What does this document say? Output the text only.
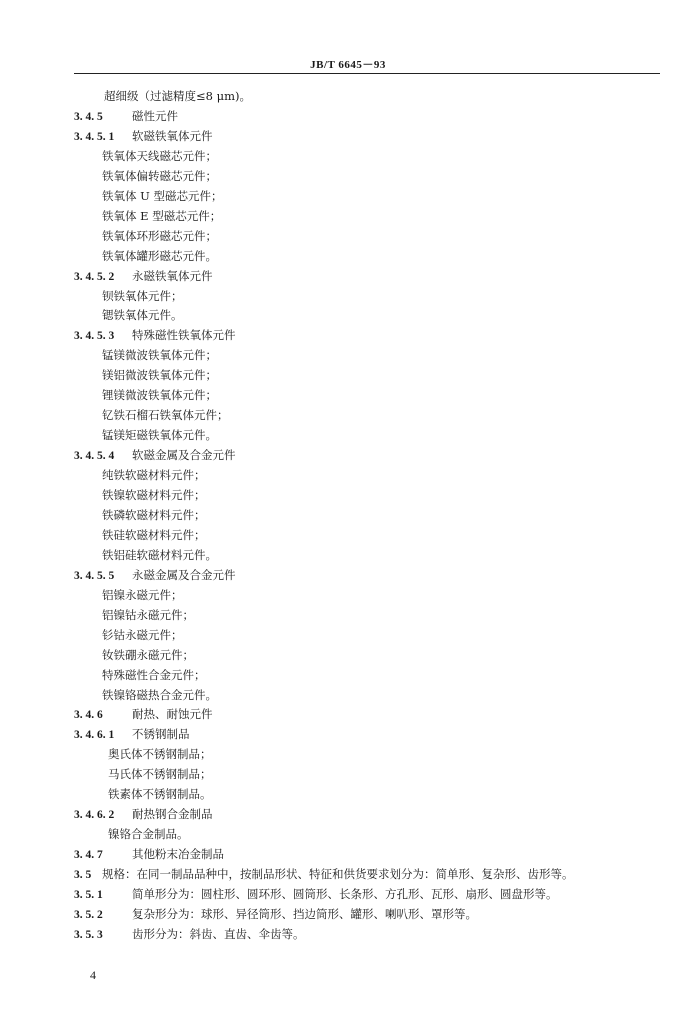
JB/T 6645－93
超细级（过滤精度≤8 μm)。
3. 4. 5	磁性元件
3. 4. 5. 1 软磁铁氧体元件
铁氧体天线磁芯元件；
铁氧体偏转磁芯元件；
铁氧体 U 型磁芯元件；
铁氧体 E 型磁芯元件；
铁氧体环形磁芯元件；
铁氧体罐形磁芯元件。
3. 4. 5. 2 永磁铁氧体元件
钡铁氧体元件；
锶铁氧体元件。
3. 4. 5. 3 特殊磁性铁氧体元件
锰镁微波铁氧体元件；
镁铝微波铁氧体元件；
锂镁微波铁氧体元件；
钇铁石榴石铁氧体元件；
锰镁矩磁铁氧体元件。
3. 4. 5. 4 软磁金属及合金元件
纯铁软磁材料元件；
铁镍软磁材料元件；
铁磷软磁材料元件；
铁硅软磁材料元件；
铁铝硅软磁材料元件。
3. 4. 5. 5 永磁金属及合金元件
铝镍永磁元件；
铝镍钴永磁元件；
钐钴永磁元件；
钕铁硼永磁元件；
特殊磁性合金元件；
铁镍铬磁热合金元件。
3. 4. 6	耐热、耐蚀元件
3. 4. 6. 1 不锈钢制品
奥氏体不锈钢制品；
马氏体不锈钢制品；
铁素体不锈钢制品。
3. 4. 6. 2 耐热钢合金制品
镍铬合金制品。
3. 4. 7	其他粉末冶金制品
3. 5 规格：在同一制品品种中，按制品形状、特征和供货要求划分为：简单形、复杂形、齿形等。
3. 5. 1	简单形分为：圆柱形、圆环形、圆筒形、长条形、方孔形、瓦形、扇形、圆盘形等。
3. 5. 2	复杂形分为：球形、异径筒形、挡边筒形、罐形、喇叭形、罩形等。
3. 5. 3	齿形分为：斜齿、直齿、伞齿等。
4
